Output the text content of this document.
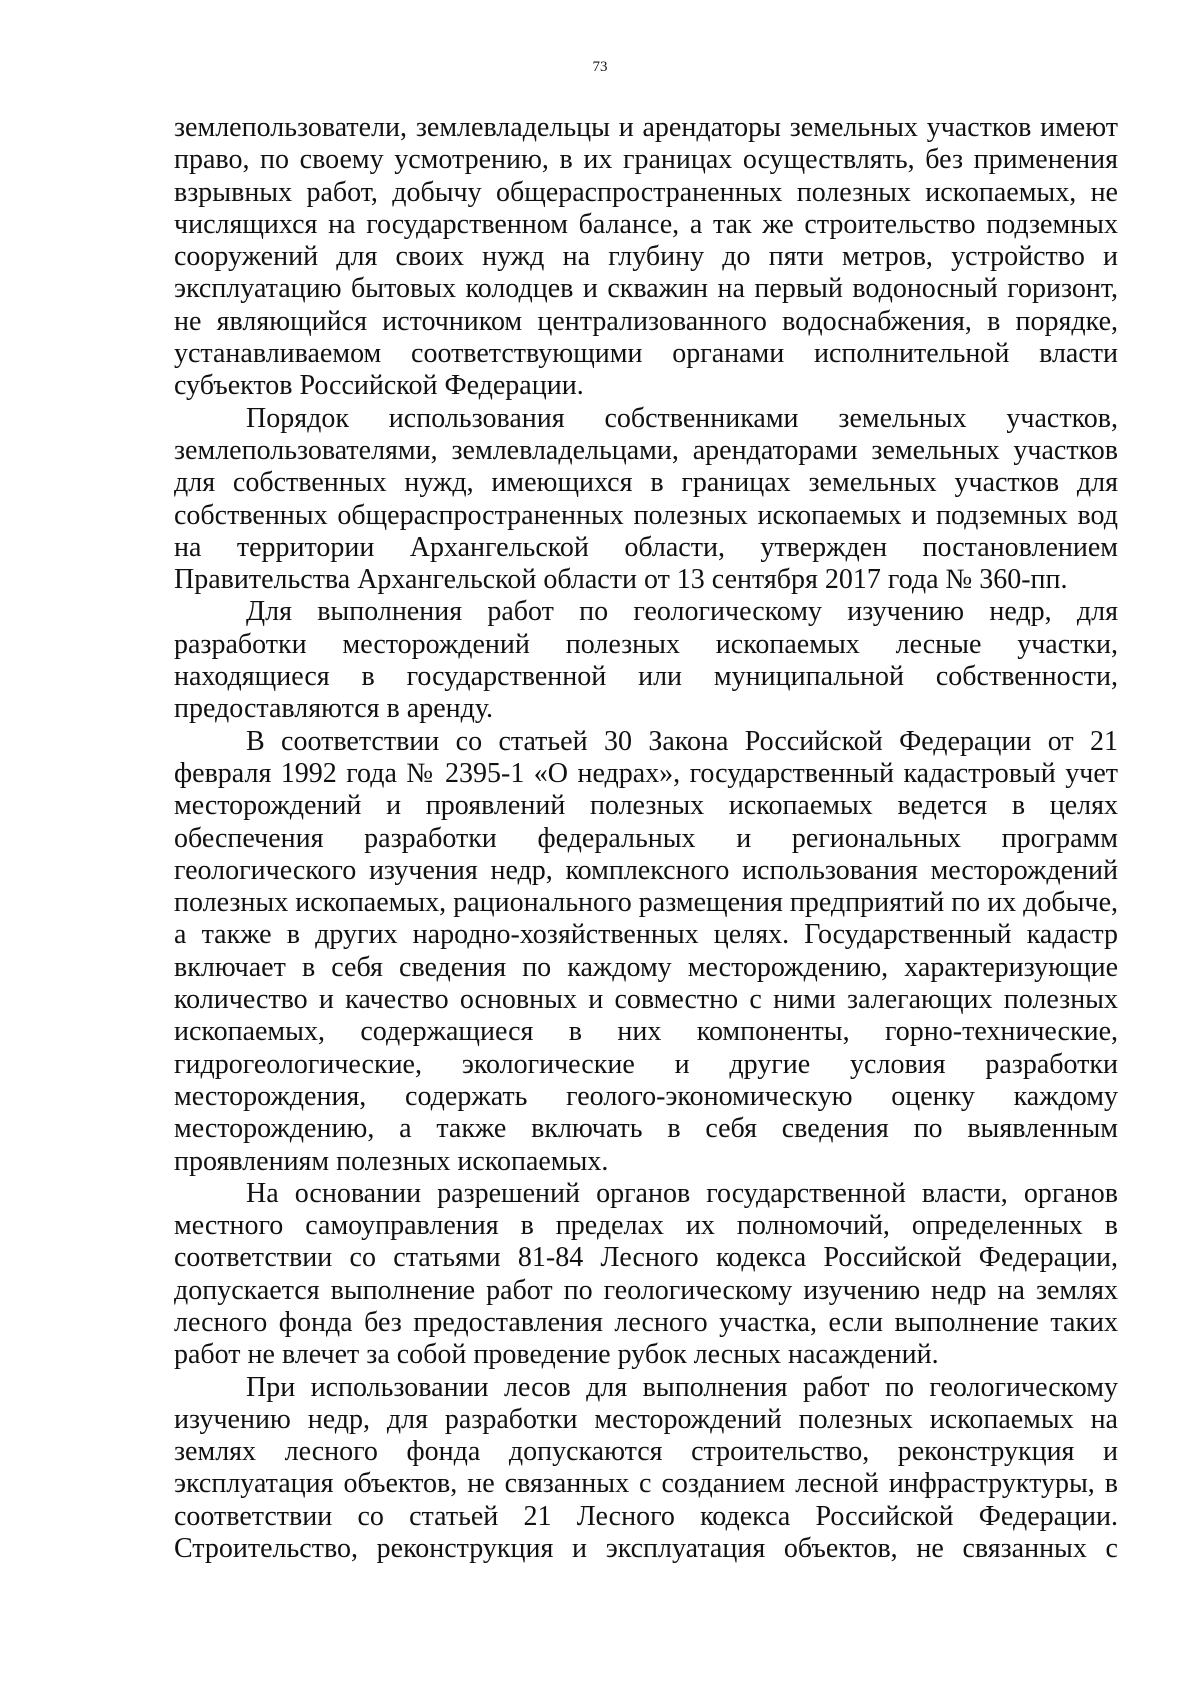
73

землепользователи, землевладельцы и арендаторы земельных участков имеют право, по своему усмотрению, в их границах осуществлять, без применения взрывных работ, добычу общераспространенных полезных ископаемых, не числящихся на государственном балансе, а так же строительство подземных сооружений для своих нужд на глубину до пяти метров, устройство и эксплуатацию бытовых колодцев и скважин на первый водоносный горизонт, не являющийся источником централизованного водоснабжения, в порядке, устанавливаемом соответствующими органами исполнительной власти субъектов Российской Федерации.

Порядок использования собственниками земельных участков, землепользователями, землевладельцами, арендаторами земельных участков для собственных нужд, имеющихся в границах земельных участков для собственных общераспространенных полезных ископаемых и подземных вод на территории Архангельской области, утвержден постановлением Правительства Архангельской области от 13 сентября 2017 года № 360-пп.

Для выполнения работ по геологическому изучению недр, для разработки месторождений полезных ископаемых лесные участки, находящиеся в государственной или муниципальной собственности, предоставляются в аренду.

В соответствии со статьей 30 Закона Российской Федерации от 21 февраля 1992 года № 2395-1 «О недрах», государственный кадастровый учет месторождений и проявлений полезных ископаемых ведется в целях обеспечения разработки федеральных и региональных программ геологического изучения недр, комплексного использования месторождений полезных ископаемых, рационального размещения предприятий по их добыче, а также в других народно-хозяйственных целях. Государственный кадастр включает в себя сведения по каждому месторождению, характеризующие количество и качество основных и совместно с ними залегающих полезных ископаемых, содержащиеся в них компоненты, горно-технические, гидрогеологические, экологические и другие условия разработки месторождения, содержать геолого-экономическую оценку каждому месторождению, а также включать в себя сведения по выявленным проявлениям полезных ископаемых.

На основании разрешений органов государственной власти, органов местного самоуправления в пределах их полномочий, определенных в соответствии со статьями 81-84 Лесного кодекса Российской Федерации, допускается выполнение работ по геологическому изучению недр на землях лесного фонда без предоставления лесного участка, если выполнение таких работ не влечет за собой проведение рубок лесных насаждений.

При использовании лесов для выполнения работ по геологическому изучению недр, для разработки месторождений полезных ископаемых на землях лесного фонда допускаются строительство, реконструкция и эксплуатация объектов, не связанных с созданием лесной инфраструктуры, в соответствии со статьей 21 Лесного кодекса Российской Федерации. Строительство, реконструкция и эксплуатация объектов, не связанных с
